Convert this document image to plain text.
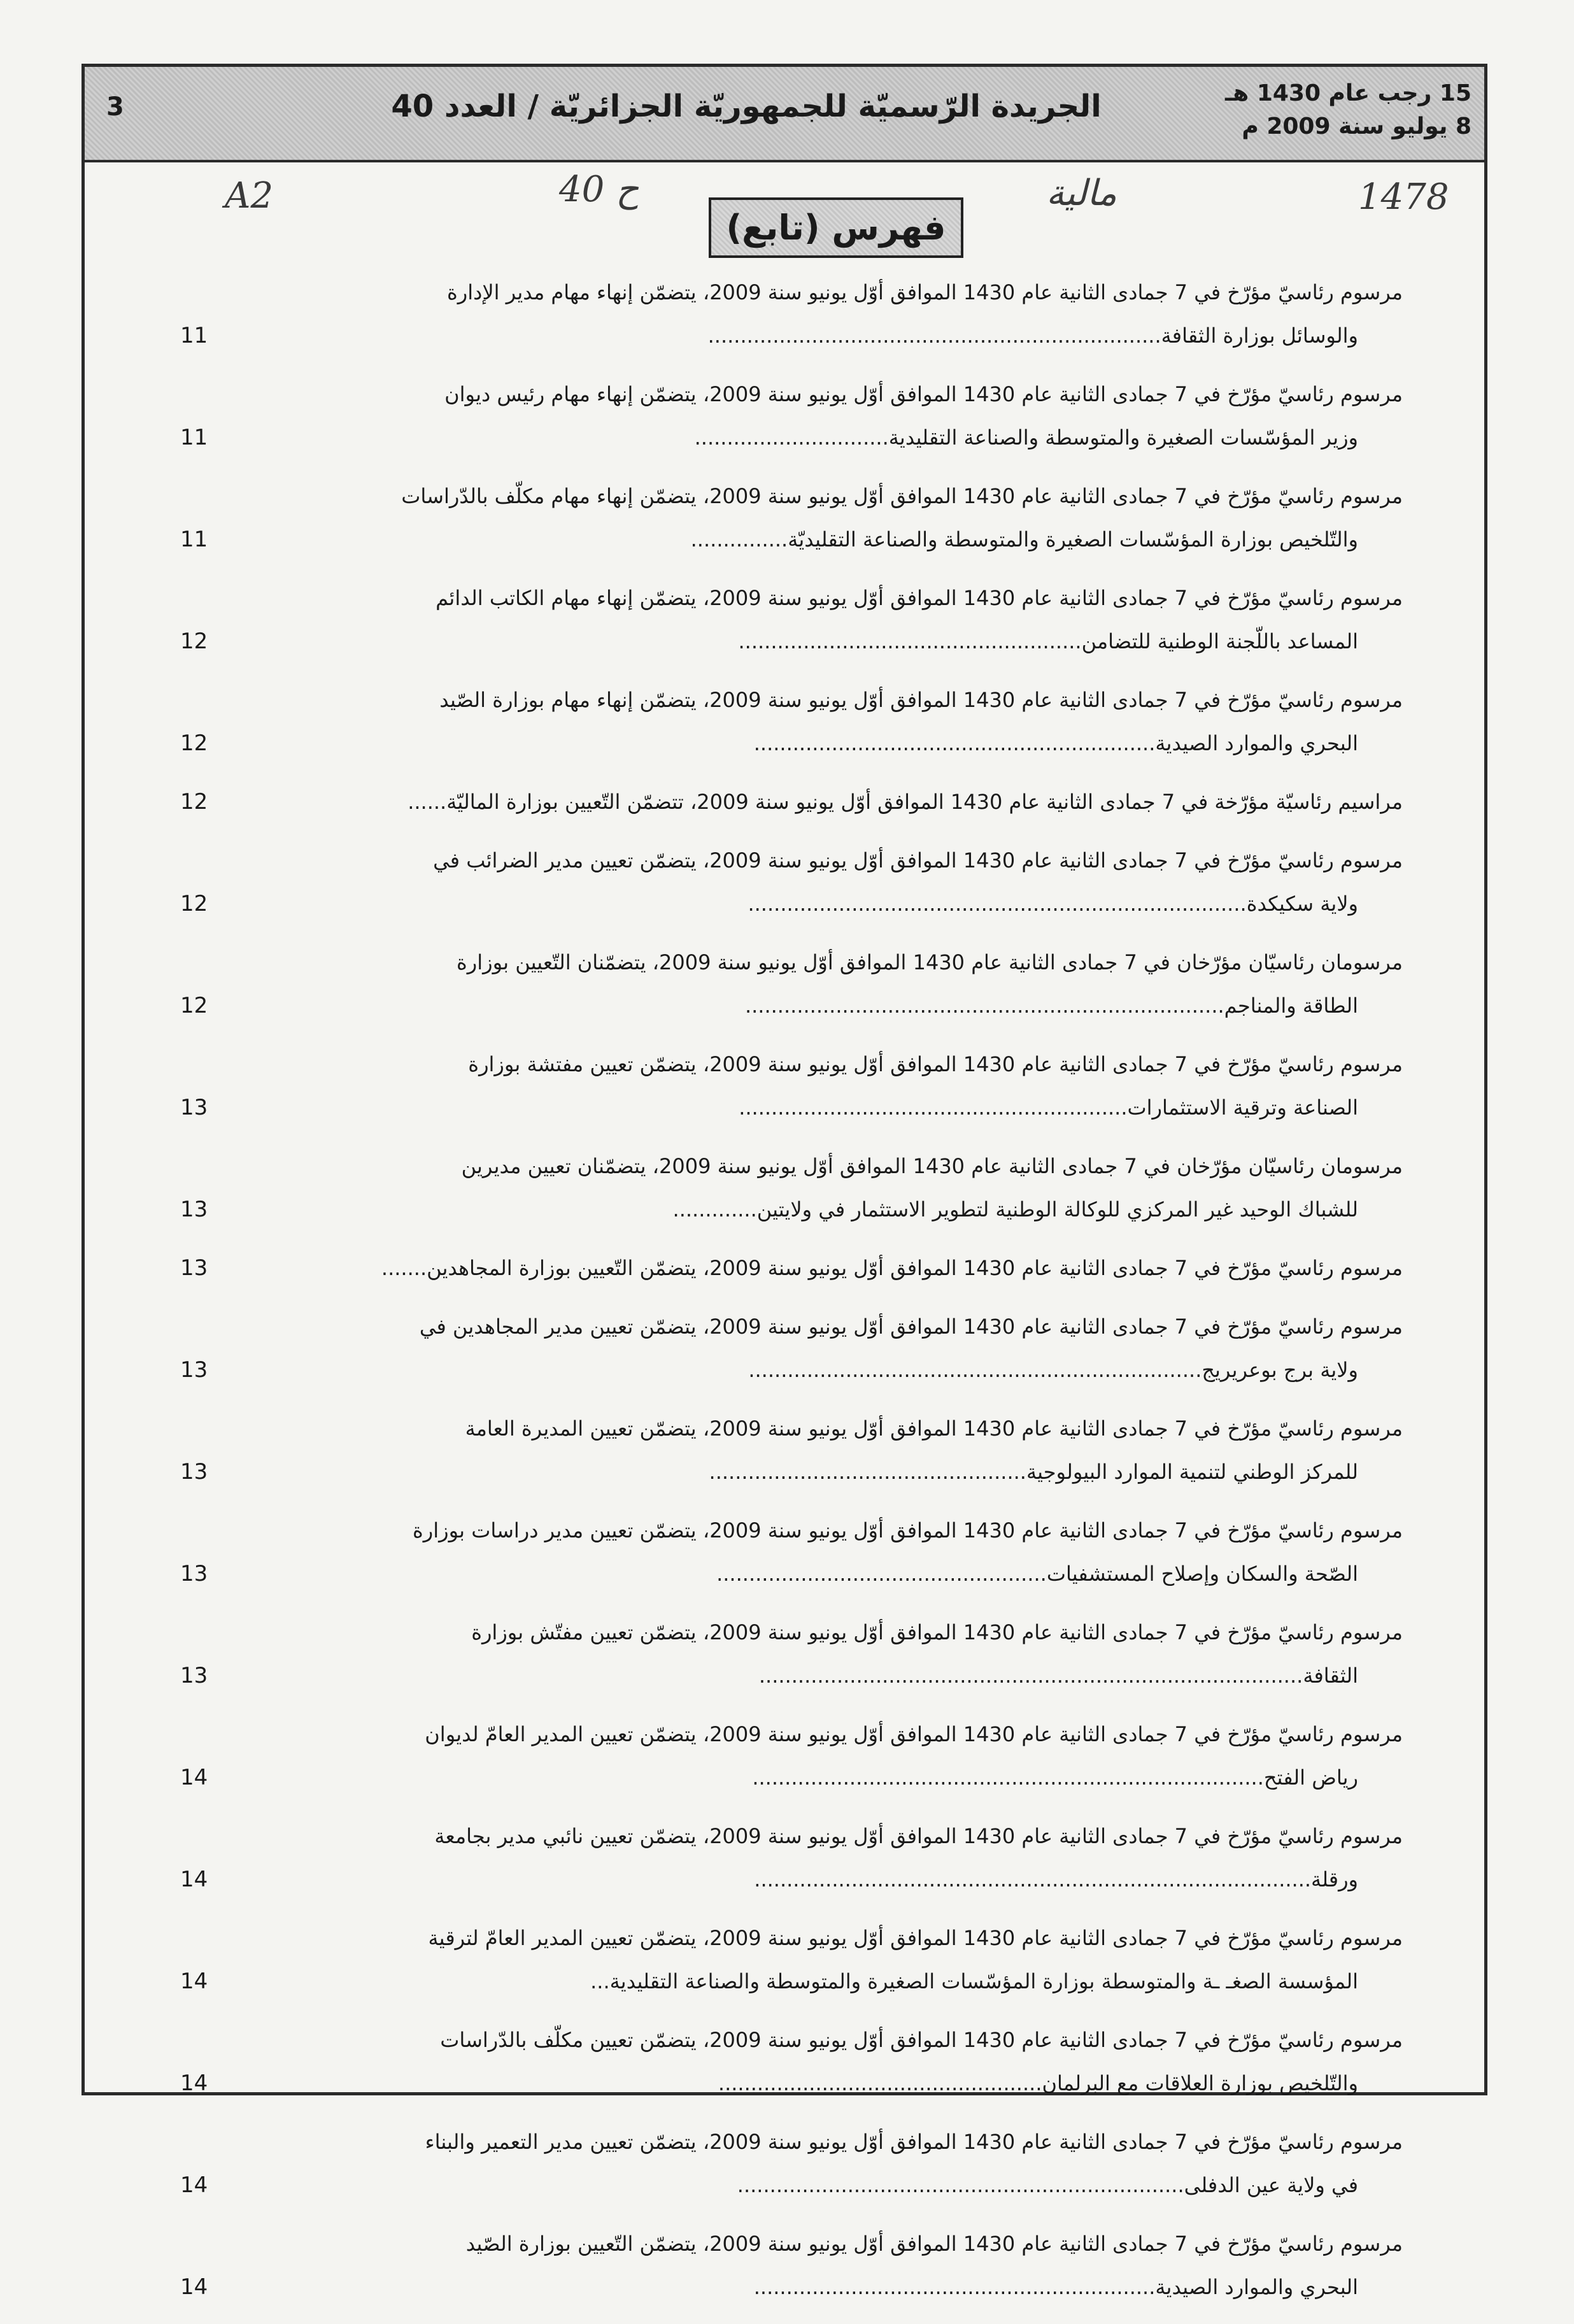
3	الجريدة الرّسميّة للجمهوريّة الجزائريّة / العدد 40	15 رجب عام 1430 هـ
8 يوليو سنة 2009 م
A2	ح 40	مالية	1478
فهرس (تابع)
11
مرسوم رئاسيّ مؤرّخ في 7 جمادى الثانية عام 1430 الموافق أوّل يونيو سنة 2009، يتضمّن إنهاء مهام مدير الإدارة
والوسائل بوزارة الثقافة......................................................................
11
مرسوم رئاسيّ مؤرّخ في 7 جمادى الثانية عام 1430 الموافق أوّل يونيو سنة 2009، يتضمّن إنهاء مهام رئيس ديوان
وزير المؤسّسات الصغيرة والمتوسطة والصناعة التقليدية..............................
11
مرسوم رئاسيّ مؤرّخ في 7 جمادى الثانية عام 1430 الموافق أوّل يونيو سنة 2009، يتضمّن إنهاء مهام مكلّف بالدّراسات
والتّلخيص بوزارة المؤسّسات الصغيرة والمتوسطة والصناعة التقليديّة...............
12
مرسوم رئاسيّ مؤرّخ في 7 جمادى الثانية عام 1430 الموافق أوّل يونيو سنة 2009، يتضمّن إنهاء مهام الكاتب الدائم
المساعد باللّجنة الوطنية للتضامن.....................................................
12
مرسوم رئاسيّ مؤرّخ في 7 جمادى الثانية عام 1430 الموافق أوّل يونيو سنة 2009، يتضمّن إنهاء مهام بوزارة الصّيد
البحري والموارد الصيدية..............................................................
12	مراسيم رئاسيّة مؤرّخة في 7 جمادى الثانية عام 1430 الموافق أوّل يونيو سنة 2009، تتضمّن التّعيين بوزارة الماليّة......
12
مرسوم رئاسيّ مؤرّخ في 7 جمادى الثانية عام 1430 الموافق أوّل يونيو سنة 2009، يتضمّن تعيين مدير الضرائب في
ولاية سكيكدة.............................................................................
12
مرسومان رئاسيّان مؤرّخان في 7 جمادى الثانية عام 1430 الموافق أوّل يونيو سنة 2009، يتضمّنان التّعيين بوزارة
الطاقة والمناجم..........................................................................
13
مرسوم رئاسيّ مؤرّخ في 7 جمادى الثانية عام 1430 الموافق أوّل يونيو سنة 2009، يتضمّن تعيين مفتشة بوزارة
الصناعة وترقية الاستثمارات............................................................
13
مرسومان رئاسيّان مؤرّخان في 7 جمادى الثانية عام 1430 الموافق أوّل يونيو سنة 2009، يتضمّنان تعيين مديرين
للشباك الوحيد غير المركزي للوكالة الوطنية لتطوير الاستثمار في ولايتين.............
13	مرسوم رئاسيّ مؤرّخ في 7 جمادى الثانية عام 1430 الموافق أوّل يونيو سنة 2009، يتضمّن التّعيين بوزارة المجاهدين.......
13
مرسوم رئاسيّ مؤرّخ في 7 جمادى الثانية عام 1430 الموافق أوّل يونيو سنة 2009، يتضمّن تعيين مدير المجاهدين في
ولاية برج بوعريريج......................................................................
13
مرسوم رئاسيّ مؤرّخ في 7 جمادى الثانية عام 1430 الموافق أوّل يونيو سنة 2009، يتضمّن تعيين المديرة العامة
للمركز الوطني لتنمية الموارد البيولوجية.................................................
13
مرسوم رئاسيّ مؤرّخ في 7 جمادى الثانية عام 1430 الموافق أوّل يونيو سنة 2009، يتضمّن تعيين مدير دراسات بوزارة
الصّحة والسكان وإصلاح المستشفيات...................................................
13
مرسوم رئاسيّ مؤرّخ في 7 جمادى الثانية عام 1430 الموافق أوّل يونيو سنة 2009، يتضمّن تعيين مفتّش بوزارة
الثقافة....................................................................................
14
مرسوم رئاسيّ مؤرّخ في 7 جمادى الثانية عام 1430 الموافق أوّل يونيو سنة 2009، يتضمّن تعيين المدير العامّ لديوان
رياض الفتح...............................................................................
14
مرسوم رئاسيّ مؤرّخ في 7 جمادى الثانية عام 1430 الموافق أوّل يونيو سنة 2009، يتضمّن تعيين نائبي مدير بجامعة
ورقلة......................................................................................
14
مرسوم رئاسيّ مؤرّخ في 7 جمادى الثانية عام 1430 الموافق أوّل يونيو سنة 2009، يتضمّن تعيين المدير العامّ لترقية
المؤسسة الصغـ ـة والمتوسطة بوزارة المؤسّسات الصغيرة والمتوسطة والصناعة التقليدية...
14
مرسوم رئاسيّ مؤرّخ في 7 جمادى الثانية عام 1430 الموافق أوّل يونيو سنة 2009، يتضمّن تعيين مكلّف بالدّراسات
والتّلخيص بوزارة العلاقات مع البرلمان..................................................
14
مرسوم رئاسيّ مؤرّخ في 7 جمادى الثانية عام 1430 الموافق أوّل يونيو سنة 2009، يتضمّن تعيين مدير التعمير والبناء
في ولاية عين الدفلى.....................................................................
14
مرسوم رئاسيّ مؤرّخ في 7 جمادى الثانية عام 1430 الموافق أوّل يونيو سنة 2009، يتضمّن التّعيين بوزارة الصّيد
البحري والموارد الصيدية..............................................................
